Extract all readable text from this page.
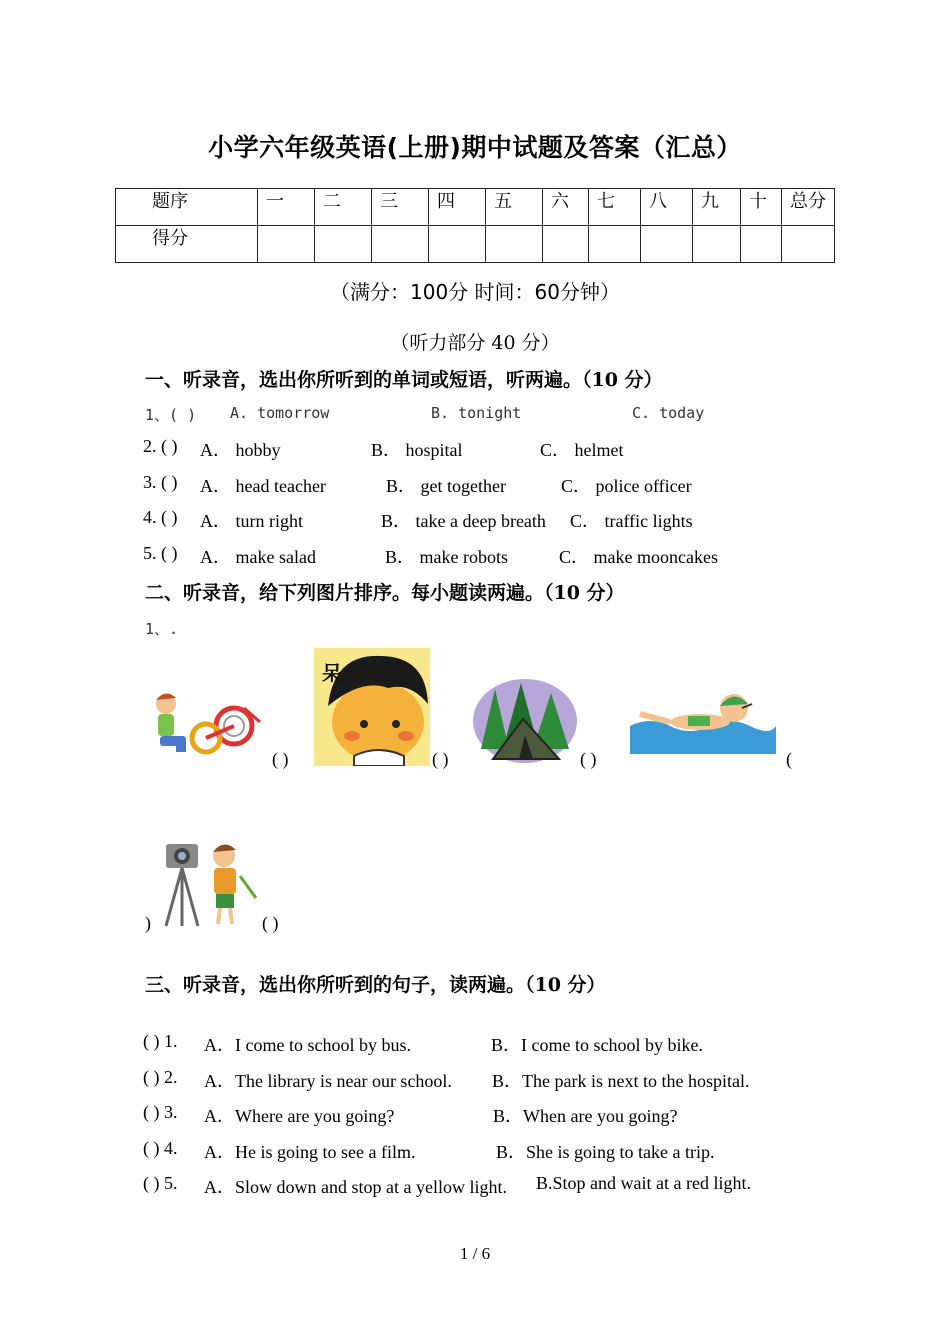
小学六年级英语(上册)期中试题及答案（汇总）
题序	一	二	三	四	五	六	七	八	九	十	总分
得分											
（满分：100分 时间：60分钟）
（听力部分 40 分）
一、听录音，选出你所听到的单词或短语，听两遍。（10 分）
1、( ) A. tomorrow	B. tonight	C. today
2. ( ) A． hobby	B． hospital	C． helmet
3. ( ) A． head teacher	B． get together	C． police officer
4. ( ) A． turn right	B． take a deep breath C． traffic lights
5. ( ) A． make salad	B． make robots	C． make mooncakes
二、听录音，给下列图片排序。每小题读两遍。（10 分）
1、.
( )
呆
( )	( )	(
)	( )
三、听录音，选出你所听到的句子，读两遍。（10 分）
( ) 1. A．I come to school by bus.	B．I come to school by bike.
( ) 2. A．The library is near our school. B．The park is next to the hospital.
( ) 3. A．Where are you going?	B．When are you going?
( ) 4. A．He is going to see a film.	B．She is going to take a trip.
( ) 5. A．Slow down and stop at a yellow light. B.Stop and wait at a red light.
1 / 6
